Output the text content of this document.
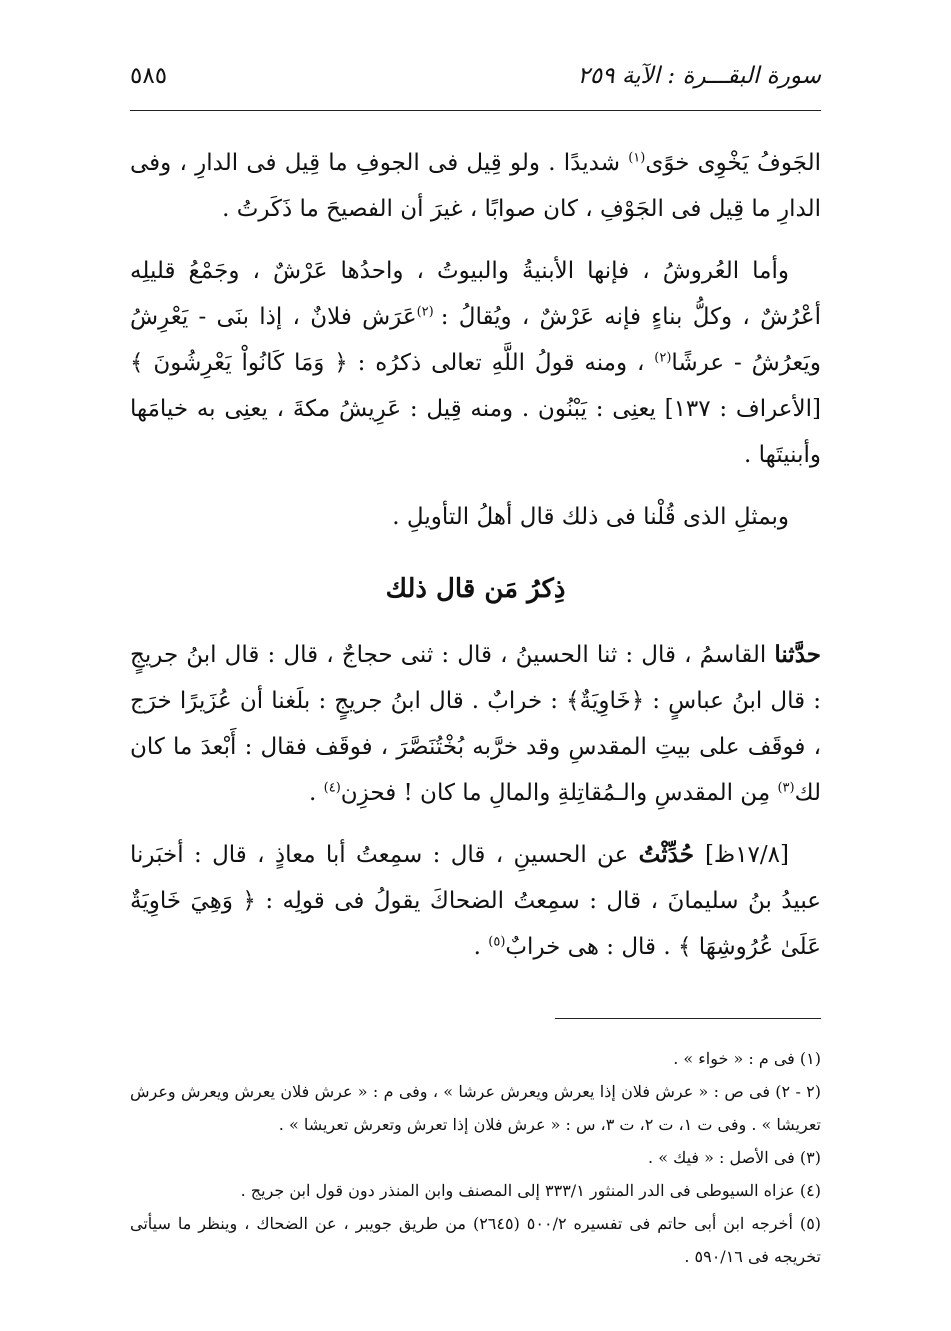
سورة البقـــرة : الآية ٢٥٩
٥٨٥

الجَوفُ يَخْوِى خوًى$^{(١)}$ شديدًا . ولو قِيل فى الجوفِ ما قِيل فى الدارِ ، وفى الدارِ ما قِيل فى الجَوْفِ ، كان صوابًا ، غيرَ أن الفصيحَ ما ذَكَرتُ .

وأما العُروشُ ، فإنها الأبنيةُ والبيوتُ ، واحدُها عَرْشٌ ، وجَمْعُ قليلِه أعْرُشٌ ، وكلُّ بناءٍ فإنه عَرْشٌ ، ويُقالُ : $^{(٢)}$عَرَش فلانٌ ، إذا بنَى - يَعْرِشُ ويَعرُشُ - عرشًا$^{(٢)}$ ، ومنه قولُ اللَّهِ تعالى ذكرُه : ﴿ وَمَا كَانُواْ يَعْرِشُونَ ﴾ [الأعراف : ١٣٧] يعنِى : يَبْنُون . ومنه قِيل : عَرِيشُ مكةَ ، يعنِى به خيامَها وأبنيتَها .

وبمثلِ الذى قُلْنا فى ذلك قال أهلُ التأويلِ .

ذِكرُ مَن قال ذلك

حدَّثنا القاسمُ ، قال : ثنا الحسينُ ، قال : ثنى حجاجٌ ، قال : قال ابنُ جريجٍ : قال ابنُ عباسٍ : ﴿خَاوِيَةٌ﴾ : خرابٌ . قال ابنُ جريجٍ : بلَغنا أن عُزَيرًا خرَج ، فوقَف على بيتِ المقدسِ وقد خرَّبه بُخْتُنَصَّرَ ، فوقَف فقال : أَبْعدَ ما كان لك$^{(٣)}$ مِن المقدسِ والـمُقاتِلةِ والمالِ ما كان ! فحزِن$^{(٤)}$ .

[١٧/٨ظ] حُدِّثْتُ عن الحسينِ ، قال : سمِعتُ أبا معاذٍ ، قال : أخبَرنا عبيدُ بنُ سليمانَ ، قال : سمِعتُ الضحاكَ يقولُ فى قولِه : ﴿ وَهِيَ خَاوِيَةٌ عَلَىٰ عُرُوشِهَا ﴾ . قال : هى خرابٌ$^{(٥)}$ .

(١) فى م : « خواء » .

(٢ - ٢) فى ص : « عرش فلان إذا يعرش ويعرش عرشا » ، وفى م : « عرش فلان يعرش ويعرش وعرش تعريشا » . وفى ت ١، ت ٢، ت ٣، س : « عرش فلان إذا تعرش وتعرش تعريشا » .

(٣) فى الأصل : « فيك » .

(٤) عزاه السيوطى فى الدر المنثور ٣٣٣/١ إلى المصنف وابن المنذر دون قول ابن جريج .

(٥) أخرجه ابن أبى حاتم فى تفسيره ٥٠٠/٢ (٢٦٤٥) من طريق جويبر ، عن الضحاك ، وينظر ما سيأتى تخريجه فى ٥٩٠/١٦ .
